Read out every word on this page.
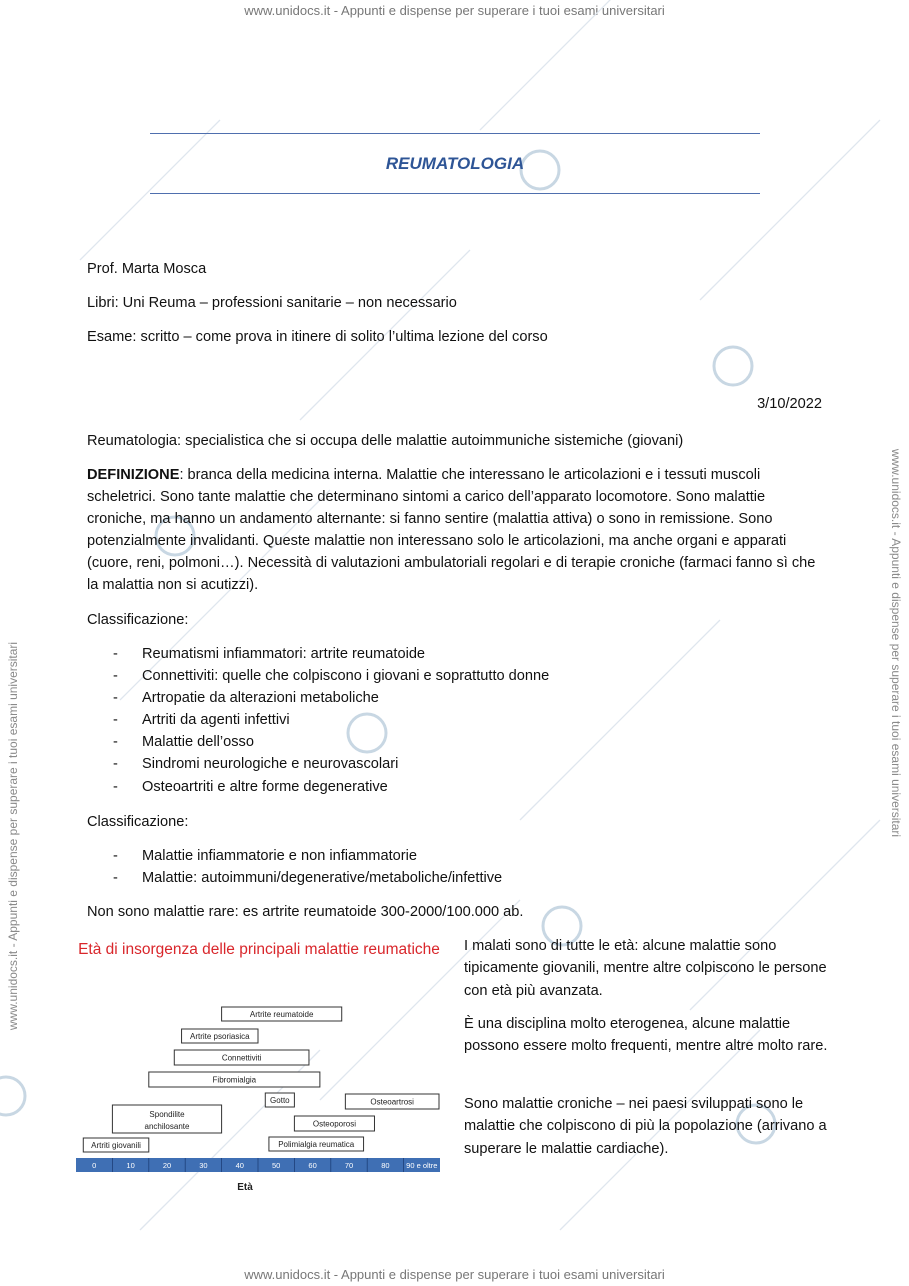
www.unidocs.it - Appunti e dispense per superare i tuoi esami universitari
www.unidocs.it - Appunti e dispense per superare i tuoi esami universitari
www.unidocs.it - Appunti e dispense per superare i tuoi esami universitari	www.unidocs.it - Appunti e dispense per superare i tuoi esami universitari
REUMATOLOGIA
Prof. Marta Mosca
Libri: Uni Reuma – professioni sanitarie – non necessario
Esame: scritto – come prova in itinere di solito l’ultima lezione del corso
3/10/2022
Reumatologia: specialistica che si occupa delle malattie autoimmuniche sistemiche (giovani)
DEFINIZIONE: branca della medicina interna. Malattie che interessano le articolazioni e i tessuti muscoli scheletrici. Sono tante malattie che determinano sintomi a carico dell’apparato locomotore. Sono malattie croniche, ma hanno un andamento alternante: si fanno sentire (malattia attiva) o sono in remissione. Sono potenzialmente invalidanti. Queste malattie non interessano solo le articolazioni, ma anche organi e apparati (cuore, reni, polmoni…). Necessità di valutazioni ambulatoriali regolari e di terapie croniche (farmaci fanno sì che la malattia non si acutizzi).
Classificazione:
- Reumatismi infiammatori: artrite reumatoide
- Connettiviti: quelle che colpiscono i giovani e soprattutto donne
- Artropatie da alterazioni metaboliche
- Artriti da agenti infettivi
- Malattie dell’osso
- Sindromi neurologiche e neurovascolari
- Osteoartriti e altre forme degenerative
Classificazione:
- Malattie infiammatorie e non infiammatorie
- Malattie: autoimmuni/degenerative/metaboliche/infettive
Non sono malattie rare: es artrite reumatoide 300-2000/100.000 ab.
Età di insorgenza delle principali malattie reumatiche
Artrite reumatoide
Artrite psoriasica
Connettiviti
Fibromialgia
Gotto	Osteoartrosi
Spondilite
anchilosante	Osteoporosi
Artriti giovanili	Polimialgia reumatica
0	10	20	30	40	50	60	70	80 90 e oltre
Età
I malati sono di tutte le età: alcune malattie sono tipicamente giovanili, mentre altre colpiscono le persone con età più avanzata.
È una disciplina molto eterogenea, alcune malattie possono essere molto frequenti, mentre altre molto rare.
Sono malattie croniche – nei paesi sviluppati sono le malattie che colpiscono di più la popolazione (arrivano a superare le malattie cardiache).
